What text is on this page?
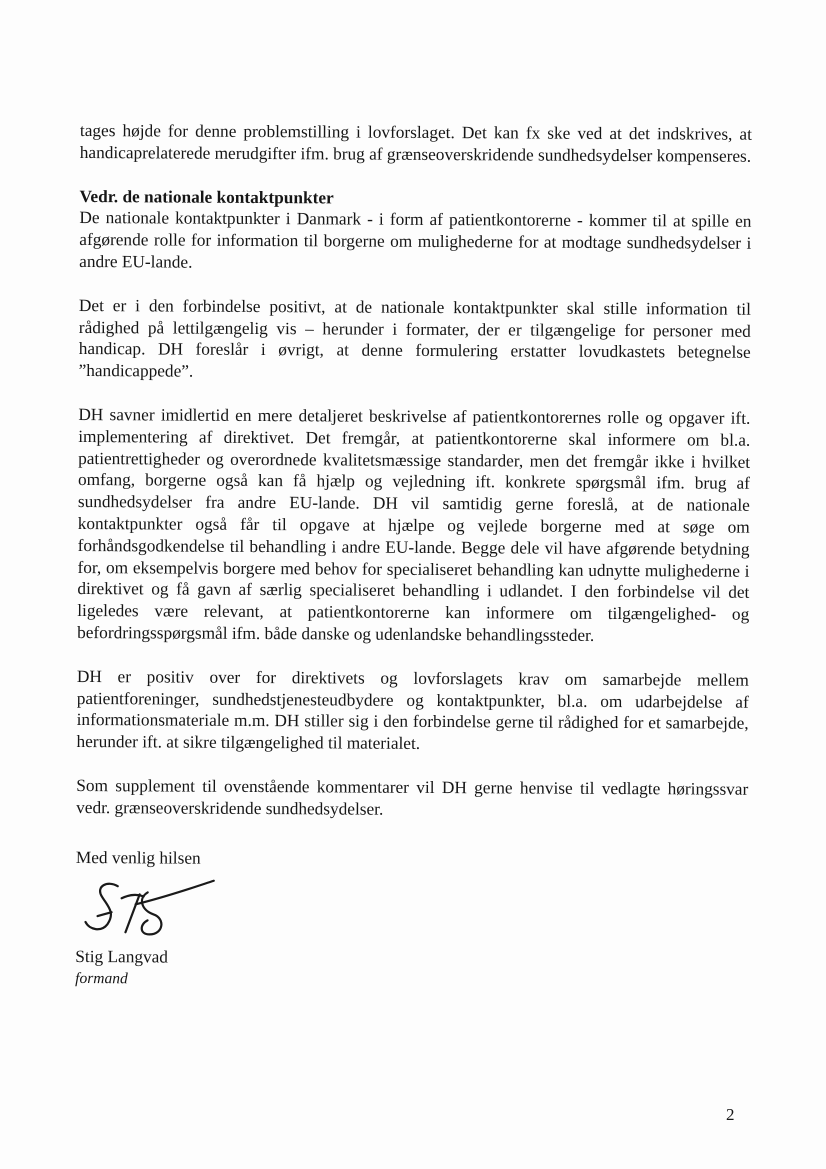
tages højde for denne problemstilling i lovforslaget. Det kan fx ske ved at det indskrives, at handicaprelaterede merudgifter ifm. brug af grænseoverskridende sundhedsydelser kompenseres.

Vedr. de nationale kontaktpunkter

De nationale kontaktpunkter i Danmark - i form af patientkontorerne - kommer til at spille en afgørende rolle for information til borgerne om mulighederne for at modtage sundhedsydelser i andre EU-lande.

Det er i den forbindelse positivt, at de nationale kontaktpunkter skal stille information til rådighed på lettilgængelig vis – herunder i formater, der er tilgængelige for personer med handicap. DH foreslår i øvrigt, at denne formulering erstatter lovudkastets betegnelse ”handicappede”.

DH savner imidlertid en mere detaljeret beskrivelse af patientkontorernes rolle og opgaver ift. implementering af direktivet. Det fremgår, at patientkontorerne skal informere om bl.a. patientrettigheder og overordnede kvalitetsmæssige standarder, men det fremgår ikke i hvilket omfang, borgerne også kan få hjælp og vejledning ift. konkrete spørgsmål ifm. brug af sundhedsydelser fra andre EU-lande. DH vil samtidig gerne foreslå, at de nationale kontaktpunkter også får til opgave at hjælpe og vejlede borgerne med at søge om forhåndsgodkendelse til behandling i andre EU-lande. Begge dele vil have afgørende betydning for, om eksempelvis borgere med behov for specialiseret behandling kan udnytte mulighederne i direktivet og få gavn af særlig specialiseret behandling i udlandet. I den forbindelse vil det ligeledes være relevant, at patientkontorerne kan informere om tilgængelighed- og befordringsspørgsmål ifm. både danske og udenlandske behandlingssteder.

DH er positiv over for direktivets og lovforslagets krav om samarbejde mellem patientforeninger, sundhedstjenesteudbydere og kontaktpunkter, bl.a. om udarbejdelse af informationsmateriale m.m. DH stiller sig i den forbindelse gerne til rådighed for et samarbejde, herunder ift. at sikre tilgængelighed til materialet.

Som supplement til ovenstående kommentarer vil DH gerne henvise til vedlagte høringssvar vedr. grænseoverskridende sundhedsydelser.

Med venlig hilsen

Stig Langvad

formand

2
